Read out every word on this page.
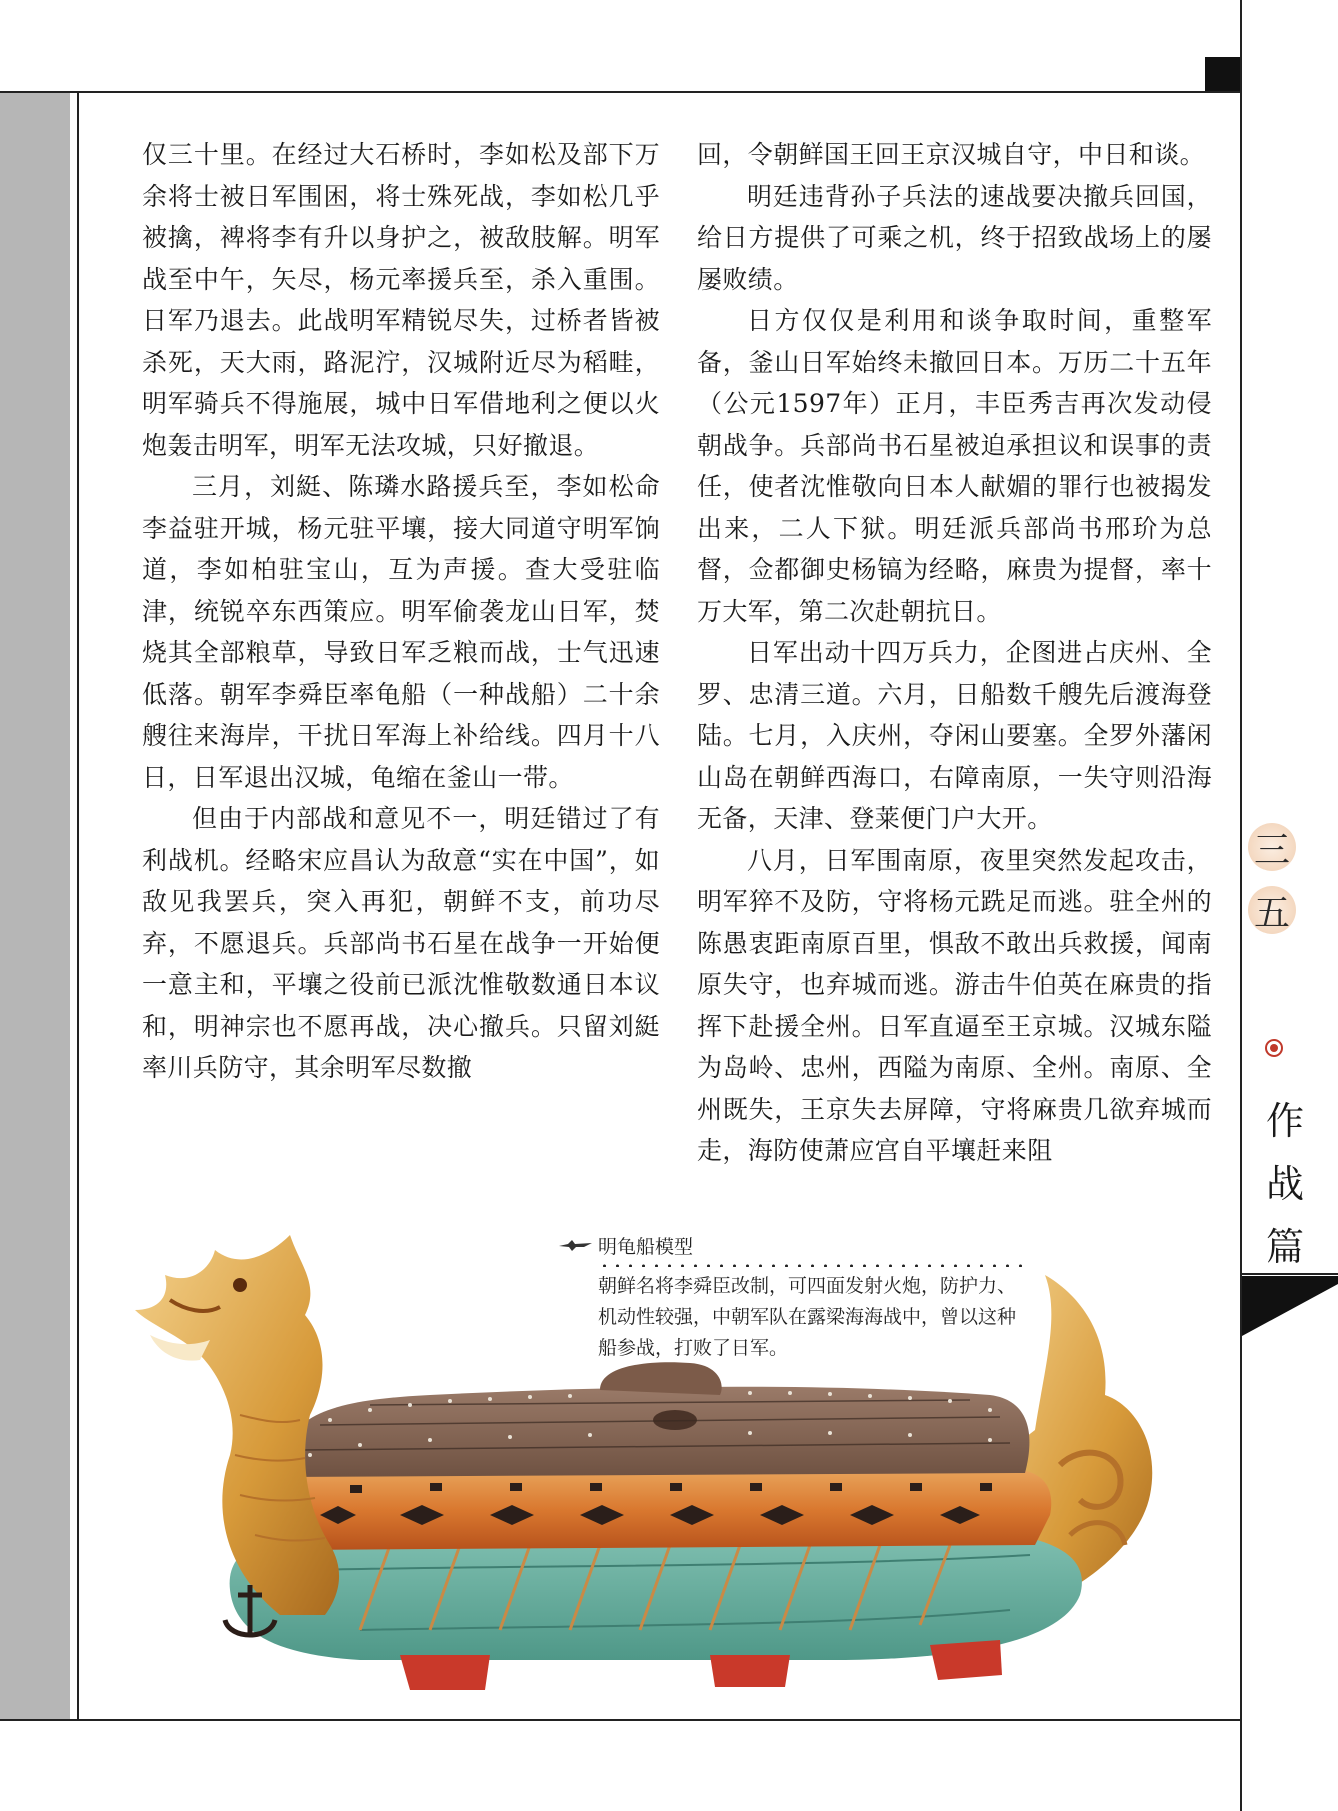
仅三十里。在经过大石桥时，李如松及部下万余将士被日军围困，将士殊死战，李如松几乎被擒，裨将李有升以身护之，被敌肢解。明军战至中午，矢尽，杨元率援兵至，杀入重围。日军乃退去。此战明军精锐尽失，过桥者皆被杀死，天大雨，路泥泞，汉城附近尽为稻畦，明军骑兵不得施展，城中日军借地利之便以火炮轰击明军，明军无法攻城，只好撤退。

三月，刘綎、陈璘水路援兵至，李如松命李益驻开城，杨元驻平壤，接大同道守明军饷道，李如柏驻宝山，互为声援。查大受驻临津，统锐卒东西策应。明军偷袭龙山日军，焚烧其全部粮草，导致日军乏粮而战，士气迅速低落。朝军李舜臣率龟船（一种战船）二十余艘往来海岸，干扰日军海上补给线。四月十八日，日军退出汉城，龟缩在釜山一带。

但由于内部战和意见不一，明廷错过了有利战机。经略宋应昌认为敌意“实在中国”，如敌见我罢兵，突入再犯，朝鲜不支，前功尽弃，不愿退兵。兵部尚书石星在战争一开始便一意主和，平壤之役前已派沈惟敬数通日本议和，明神宗也不愿再战，决心撤兵。只留刘綎率川兵防守，其余明军尽数撤

回，令朝鲜国王回王京汉城自守，中日和谈。

明廷违背孙子兵法的速战要决撤兵回国，给日方提供了可乘之机，终于招致战场上的屡屡败绩。

日方仅仅是利用和谈争取时间，重整军备，釜山日军始终未撤回日本。万历二十五年（公元1597年）正月，丰臣秀吉再次发动侵朝战争。兵部尚书石星被迫承担议和误事的责任，使者沈惟敬向日本人献媚的罪行也被揭发出来，二人下狱。明廷派兵部尚书邢玠为总督，佥都御史杨镐为经略，麻贵为提督，率十万大军，第二次赴朝抗日。

日军出动十四万兵力，企图进占庆州、全罗、忠清三道。六月，日船数千艘先后渡海登陆。七月，入庆州，夺闲山要塞。全罗外藩闲山岛在朝鲜西海口，右障南原，一失守则沿海无备，天津、登莱便门户大开。

八月，日军围南原，夜里突然发起攻击，明军猝不及防，守将杨元跣足而逃。驻全州的陈愚衷距南原百里，惧敌不敢出兵救援，闻南原失守，也弃城而逃。游击牛伯英在麻贵的指挥下赴援全州。日军直逼至王京城。汉城东隘为岛岭、忠州，西隘为南原、全州。南原、全州既失，王京失去屏障，守将麻贵几欲弃城而走，海防使萧应宫自平壤赶来阻

三
五
作战篇
明龟船模型
朝鲜名将李舜臣改制，可四面发射火炮，防护力、机动性较强，中朝军队在露梁海海战中，曾以这种船参战，打败了日军。
